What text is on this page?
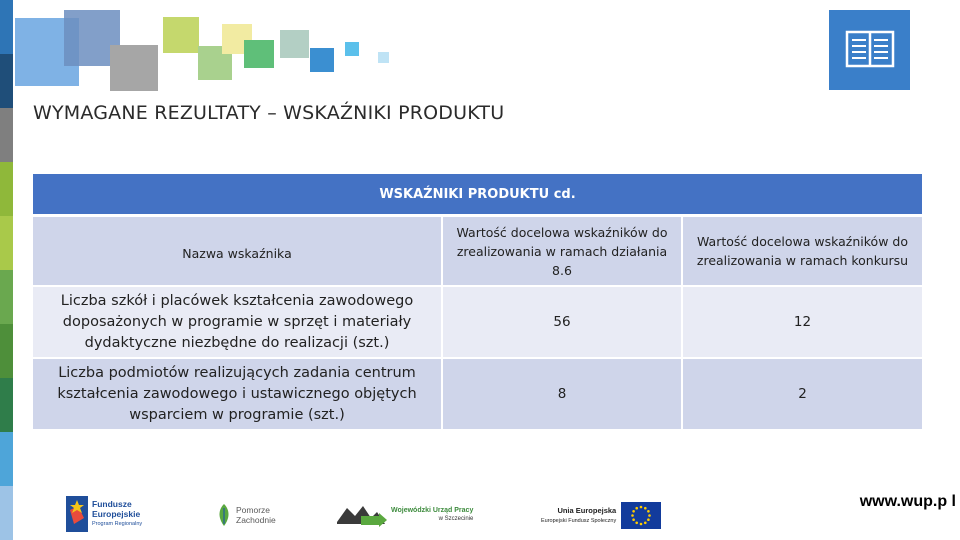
WYMAGANE REZULTATY – WSKAŹNIKI PRODUKTU
WSKAŹNIKI PRODUKTU cd.
Nazwa wskaźnika
Wartość docelowa wskaźników do zrealizowania w ramach działania 8.6
Wartość docelowa wskaźników do zrealizowania w ramach konkursu
Liczba szkół i placówek kształcenia zawodowego doposażonych w programie w sprzęt i materiały dydaktyczne niezbędne do realizacji (szt.)
56	12
Liczba podmiotów realizujących zadania centrum kształcenia zawodowego i ustawicznego objętych wsparciem w programie (szt.)
8	2
Fundusze
Europejskie
Program Regionalny
Pomorze
Zachodnie
Wojewódzki Urząd Pracy
w Szczecinie
Unia Europejska
Europejski Fundusz Społeczny
www.wup.p l
